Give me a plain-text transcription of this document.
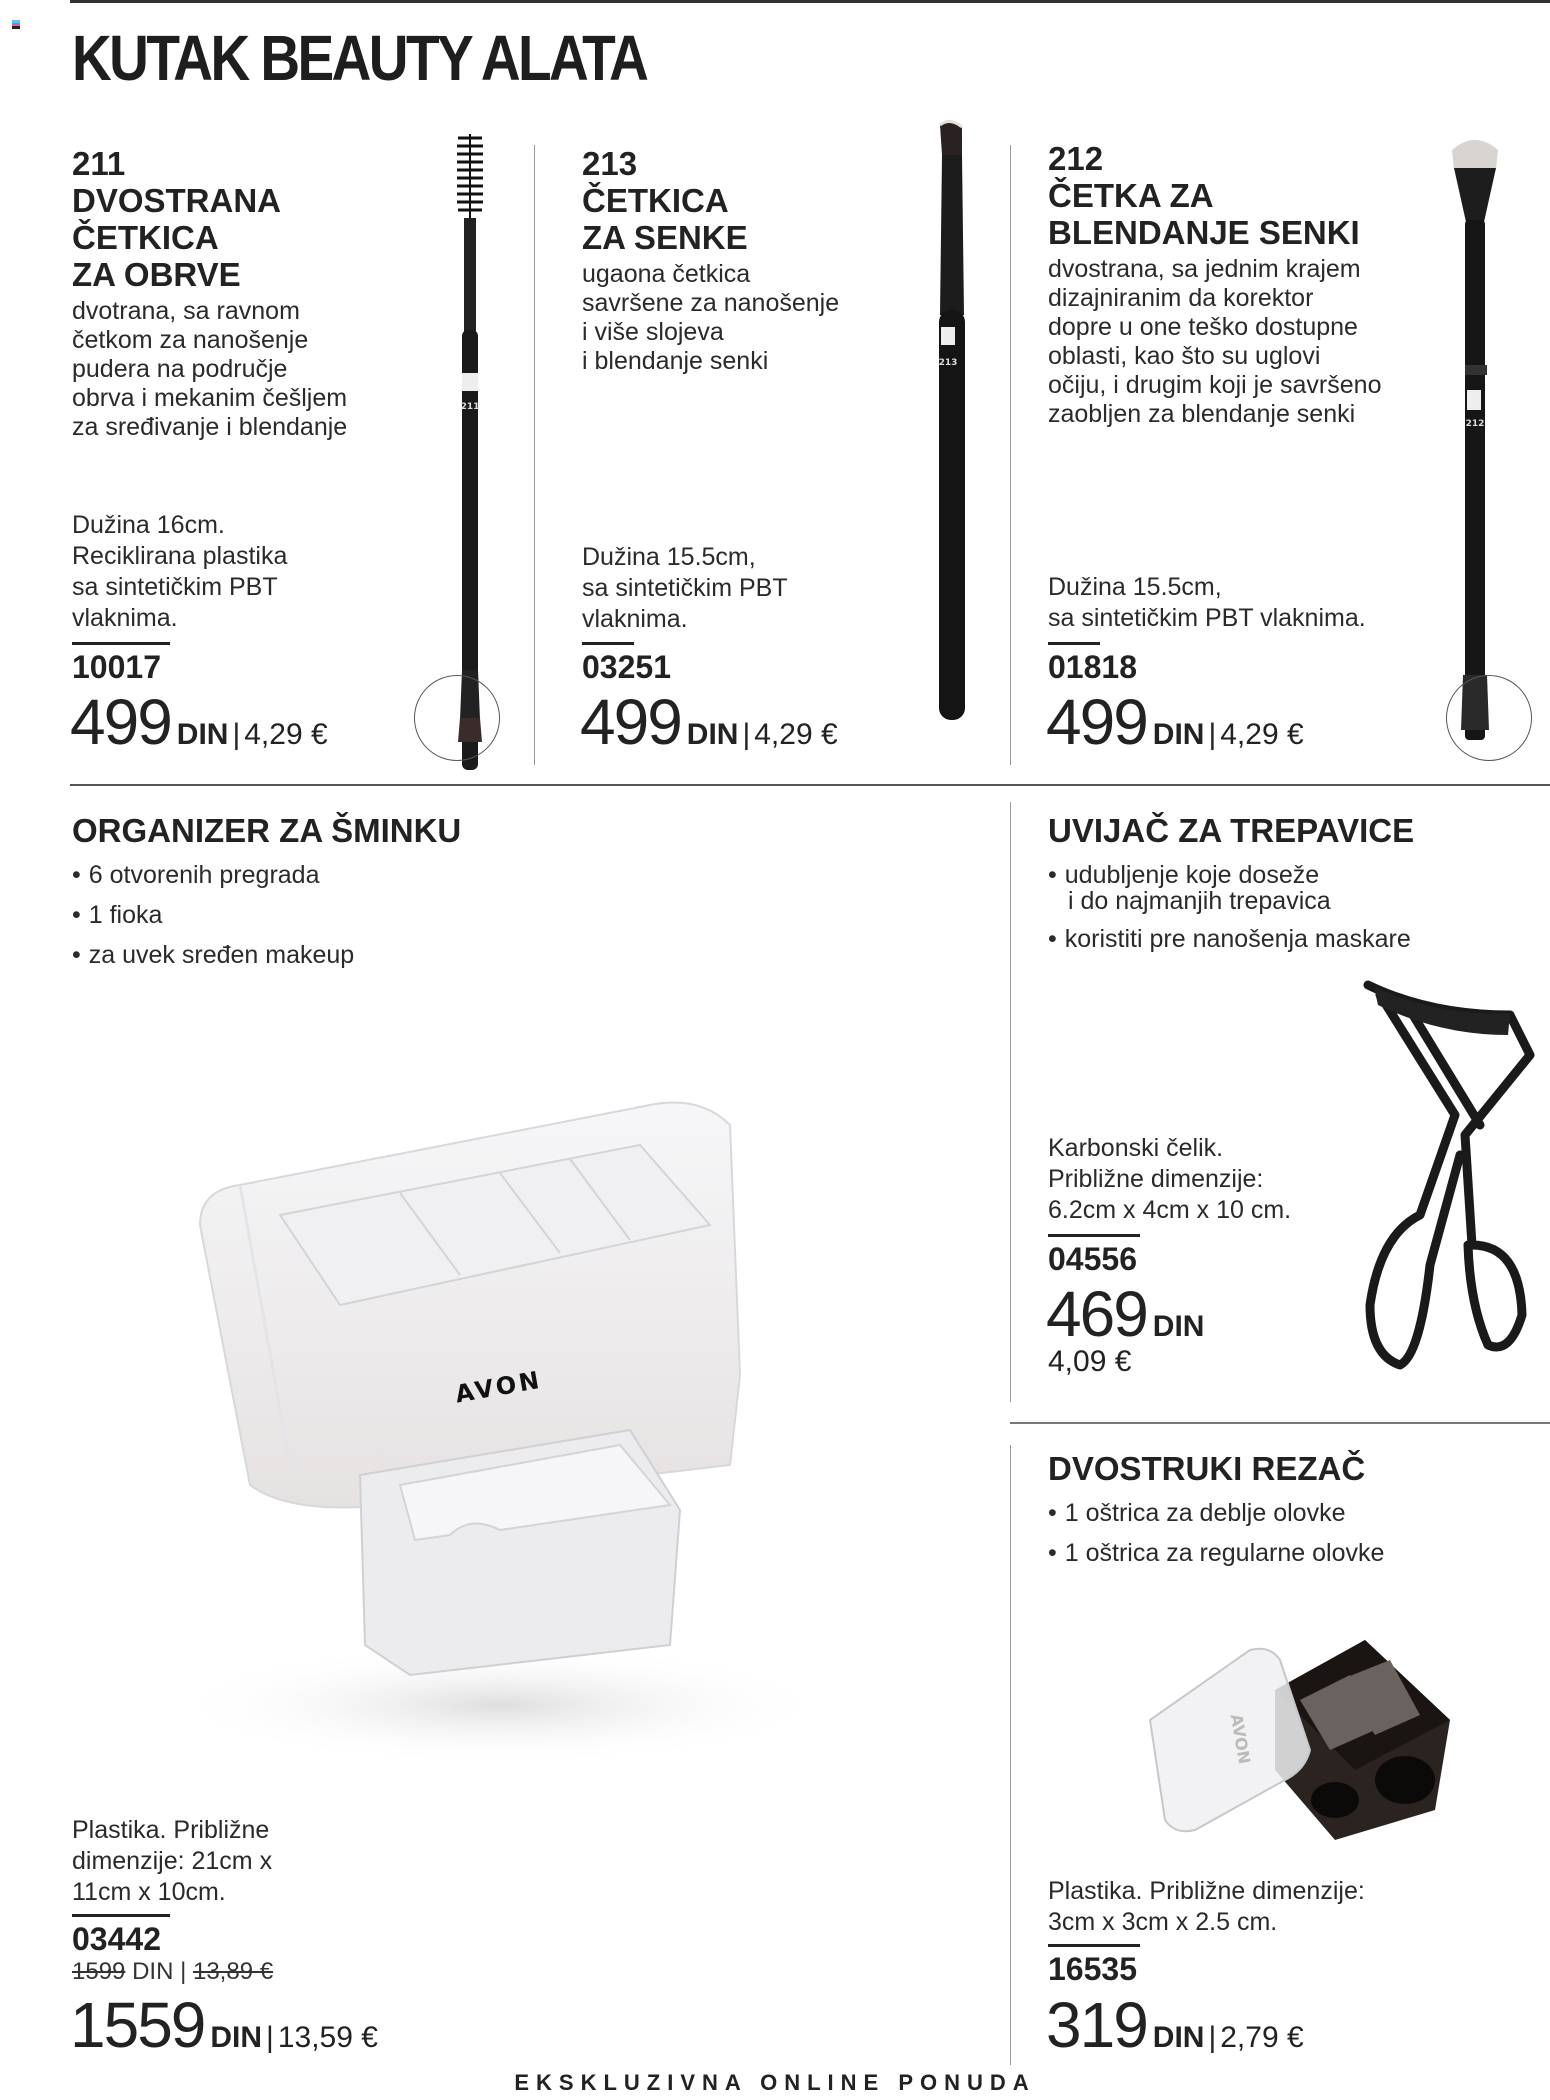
KUTAK BEAUTY ALATA
211
DVOSTRANA
ČETKICA
ZA OBRVE
dvotrana, sa ravnom
četkom za nanošenje
pudera na područje
obrva i mekanim češljem
za sređivanje i blendanje
Dužina 16cm.
Reciklirana plastika
sa sintetičkim PBT
vlaknima.
10017
499 DIN | 4,29 €
211
213
ČETKICA
ZA SENKE
ugaona četkica
savršene za nanošenje
i više slojeva
i blendanje senki
Dužina 15.5cm,
sa sintetičkim PBT
vlaknima.
03251
499 DIN | 4,29 €
213
212
ČETKA ZA
BLENDANJE SENKI
dvostrana, sa jednim krajem
dizajniranim da korektor
dopre u one teško dostupne
oblasti, kao što su uglovi
očiju, i drugim koji je savršeno
zaobljen za blendanje senki
Dužina 15.5cm,
sa sintetičkim PBT vlaknima.
01818
499 DIN | 4,29 €
212
ORGANIZER ZA ŠMINKU
• 6 otvorenih pregrada
• 1 fioka
• za uvek sređen makeup
AVON
Plastika. Približne
dimenzije: 21cm x
11cm x 10cm.
03442
1599 DIN | 13,89 €
1559 DIN | 13,59 €
UVIJAČ ZA TREPAVICE
• udubljenje koje doseže
i do najmanjih trepavica
• koristiti pre nanošenja maskare
Karbonski čelik.
Približne dimenzije:
6.2cm x 4cm x 10 cm.
04556
469 DIN
4,09 €
DVOSTRUKI REZAČ
• 1 oštrica za deblje olovke
• 1 oštrica za regularne olovke
AVON
Plastika. Približne dimenzije:
3cm x 3cm x 2.5 cm.
16535
319 DIN | 2,79 €
EKSKLUZIVNA ONLINE PONUDA
